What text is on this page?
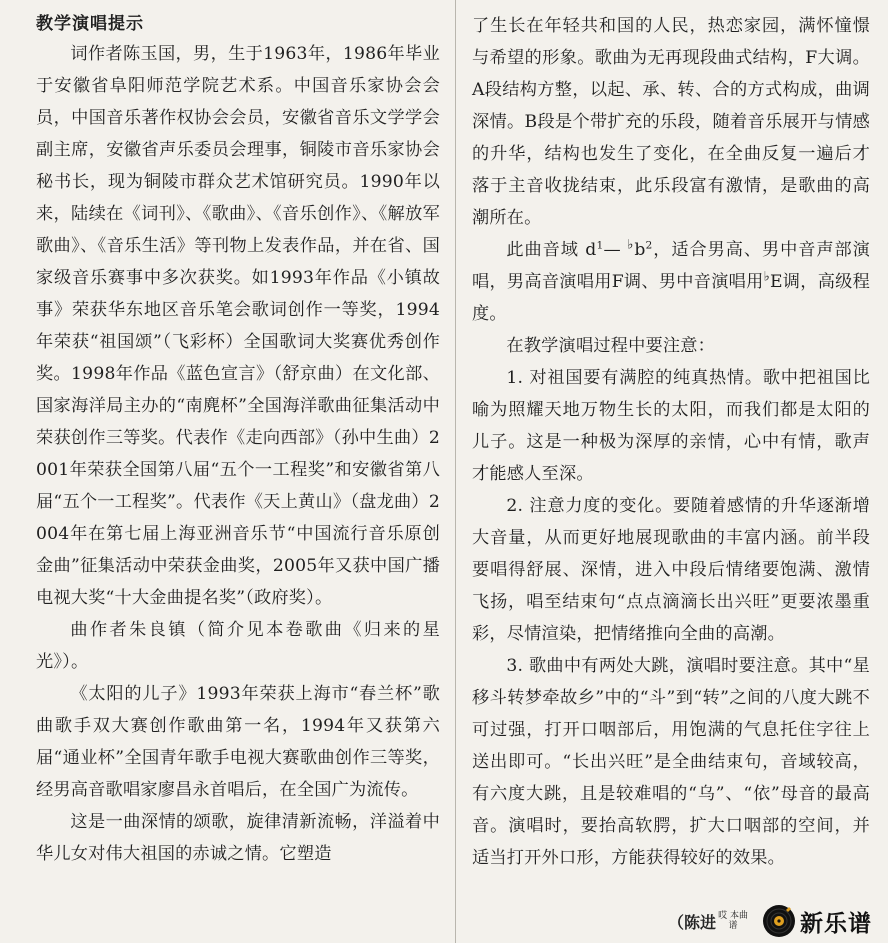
教学演唱提示

词作者陈玉国，男，生于1963年，1986年毕业于安徽省阜阳师范学院艺术系。中国音乐家协会会员，中国音乐著作权协会会员，安徽省音乐文学学会副主席，安徽省声乐委员会理事，铜陵市音乐家协会秘书长，现为铜陵市群众艺术馆研究员。1990年以来，陆续在《词刊》、《歌曲》、《音乐创作》、《解放军歌曲》、《音乐生活》等刊物上发表作品，并在省、国家级音乐赛事中多次获奖。如1993年作品《小镇故事》荣获华东地区音乐笔会歌词创作一等奖，1994年荣获“祖国颂”（飞彩杯）全国歌词大奖赛优秀创作奖。1998年作品《蓝色宣言》（舒京曲）在文化部、国家海洋局主办的“南麂杯”全国海洋歌曲征集活动中荣获创作三等奖。代表作《走向西部》（孙中生曲）2001年荣获全国第八届“五个一工程奖”和安徽省第八届“五个一工程奖”。代表作《天上黄山》（盘龙曲）2004年在第七届上海亚洲音乐节“中国流行音乐原创金曲”征集活动中荣获金曲奖，2005年又获中国广播电视大奖“十大金曲提名奖”（政府奖）。

曲作者朱良镇（简介见本卷歌曲《归来的星光》）。

《太阳的儿子》1993年荣获上海市“春兰杯”歌曲歌手双大赛创作歌曲第一名，1994年又获第六届“通业杯”全国青年歌手电视大赛歌曲创作三等奖，经男高音歌唱家廖昌永首唱后，在全国广为流传。

这是一曲深情的颂歌，旋律清新流畅，洋溢着中华儿女对伟大祖国的赤诚之情。它塑造

了生长在年轻共和国的人民，热恋家园，满怀憧憬与希望的形象。歌曲为无再现段曲式结构，F大调。A段结构方整，以起、承、转、合的方式构成，曲调深情。B段是个带扩充的乐段，随着音乐展开与情感的升华，结构也发生了变化，在全曲反复一遍后才落于主音收拢结束，此乐段富有激情，是歌曲的高潮所在。

此曲音域 $d^1—$ $^♭b^2$，适合男高、男中音声部演唱，男高音演唱用F调、男中音演唱用♭E调，高级程度。

在教学演唱过程中要注意：

1. 对祖国要有满腔的纯真热情。歌中把祖国比喻为照耀天地万物生长的太阳，而我们都是太阳的儿子。这是一种极为深厚的亲情，心中有情，歌声才能感人至深。

2. 注意力度的变化。要随着感情的升华逐渐增大音量，从而更好地展现歌曲的丰富内涵。前半段要唱得舒展、深情，进入中段后情绪要饱满、激情飞扬，唱至结束句“点点滴滴长出兴旺”更要浓墨重彩，尽情渲染，把情绪推向全曲的高潮。

3. 歌曲中有两处大跳，演唱时要注意。其中“星移斗转梦牵故乡”中的“斗”到“转”之间的八度大跳不可过强，打开口咽部后，用饱满的气息托住字往上送出即可。“长出兴旺”是全曲结束句，音域较高，有六度大跳，且是较难唱的“乌”、“依”母音的最高音。演唱时，要抬高软腭，扩大口咽部的空间，并适当打开外口形，方能获得较好的效果。

（陈进 哎 本曲谱	新乐谱
